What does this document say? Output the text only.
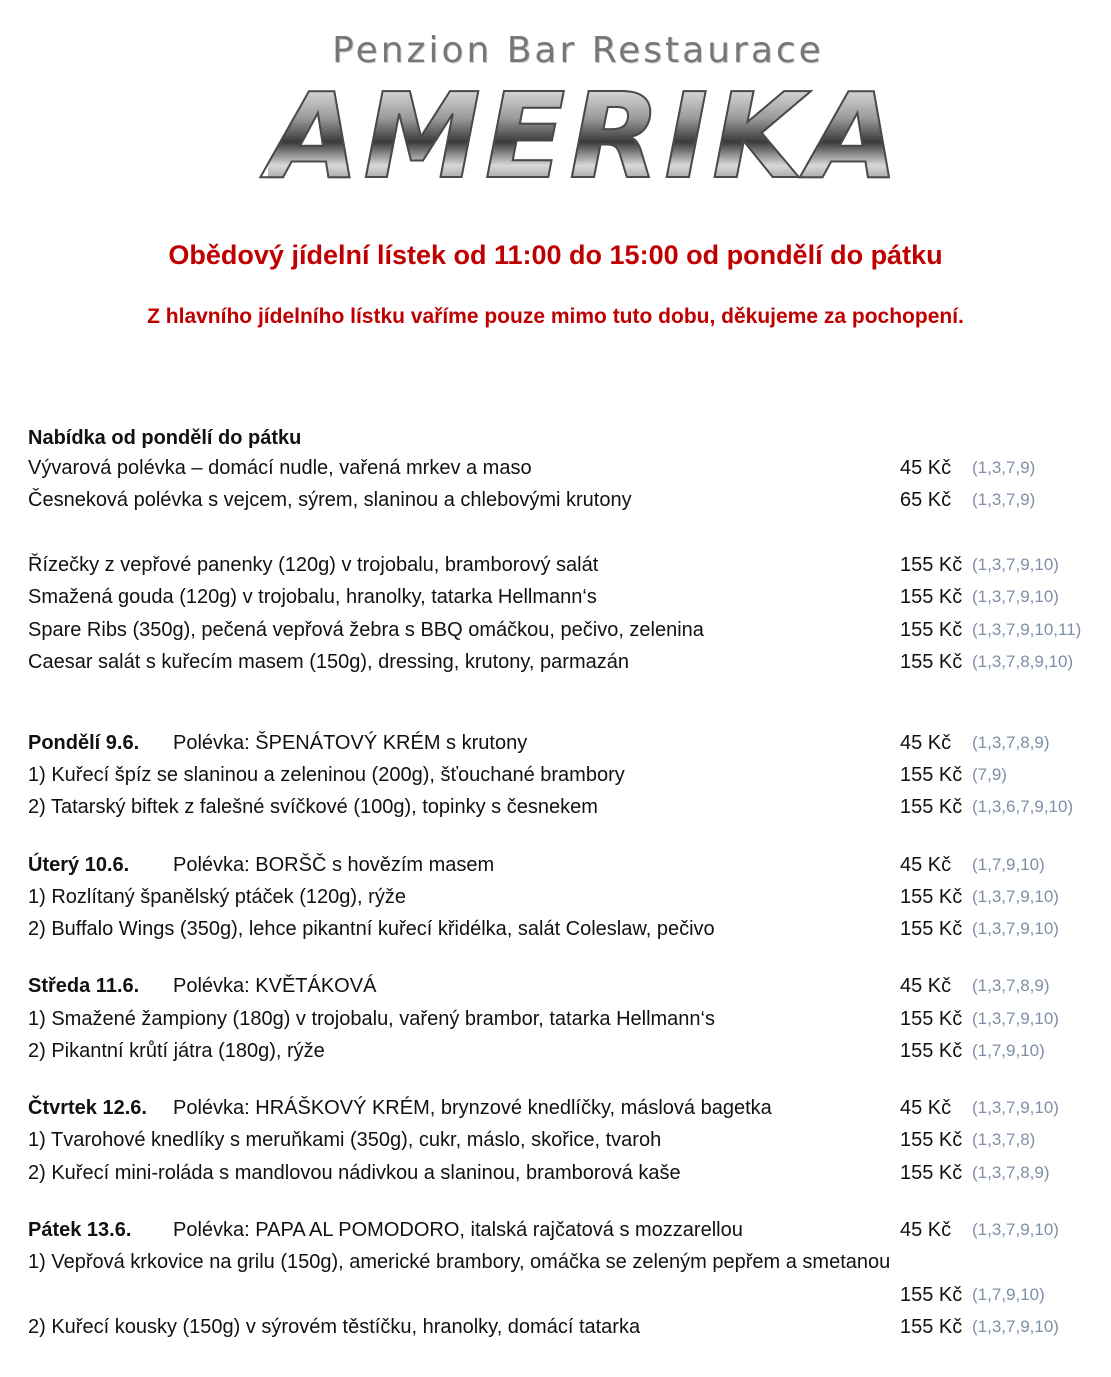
Penzion Bar Restaurace
AMERIKA
Obědový jídelní lístek od 11:00 do 15:00 od pondělí do pátku
Z hlavního jídelního lístku vaříme pouze mimo tuto dobu, děkujeme za pochopení.
Nabídka od pondělí do pátku
Vývarová polévka – domácí nudle, vařená mrkev a maso	45 Kč (1,3,7,9)
Česneková polévka s vejcem, sýrem, slaninou a chlebovými krutony	65 Kč (1,3,7,9)
Řízečky z vepřové panenky (120g) v trojobalu, bramborový salát	155 Kč (1,3,7,9,10)
Smažená gouda (120g) v trojobalu, hranolky, tatarka Hellmann‘s	155 Kč (1,3,7,9,10)
Spare Ribs (350g), pečená vepřová žebra s BBQ omáčkou, pečivo, zelenina	155 Kč (1,3,7,9,10,11)
Caesar salát s kuřecím masem (150g), dressing, krutony, parmazán	155 Kč (1,3,7,8,9,10)
Pondělí 9.6. Polévka: ŠPENÁTOVÝ KRÉM s krutony	45 Kč (1,3,7,8,9)
1) Kuřecí špíz se slaninou a zeleninou (200g), šťouchané brambory	155 Kč (7,9)
2) Tatarský biftek z falešné svíčkové (100g), topinky s česnekem	155 Kč (1,3,6,7,9,10)
Úterý 10.6. Polévka: BORŠČ s hovězím masem	45 Kč (1,7,9,10)
1) Rozlítaný španělský ptáček (120g), rýže	155 Kč (1,3,7,9,10)
2) Buffalo Wings (350g), lehce pikantní kuřecí křidélka, salát Coleslaw, pečivo	155 Kč (1,3,7,9,10)
Středa 11.6. Polévka: KVĚTÁKOVÁ	45 Kč (1,3,7,8,9)
1) Smažené žampiony (180g) v trojobalu, vařený brambor, tatarka Hellmann‘s	155 Kč (1,3,7,9,10)
2) Pikantní krůtí játra (180g), rýže	155 Kč (1,7,9,10)
Čtvrtek 12.6. Polévka: HRÁŠKOVÝ KRÉM, brynzové knedlíčky, máslová bagetka	45 Kč (1,3,7,9,10)
1) Tvarohové knedlíky s meruňkami (350g), cukr, máslo, skořice, tvaroh	155 Kč (1,3,7,8)
2) Kuřecí mini-roláda s mandlovou nádivkou a slaninou, bramborová kaše	155 Kč (1,3,7,8,9)
Pátek 13.6. Polévka: PAPA AL POMODORO, italská rajčatová s mozzarellou	45 Kč (1,3,7,9,10)
1) Vepřová krkovice na grilu (150g), americké brambory, omáčka se zeleným pepřem a smetanou
155 Kč (1,7,9,10)
2) Kuřecí kousky (150g) v sýrovém těstíčku, hranolky, domácí tatarka	155 Kč (1,3,7,9,10)
